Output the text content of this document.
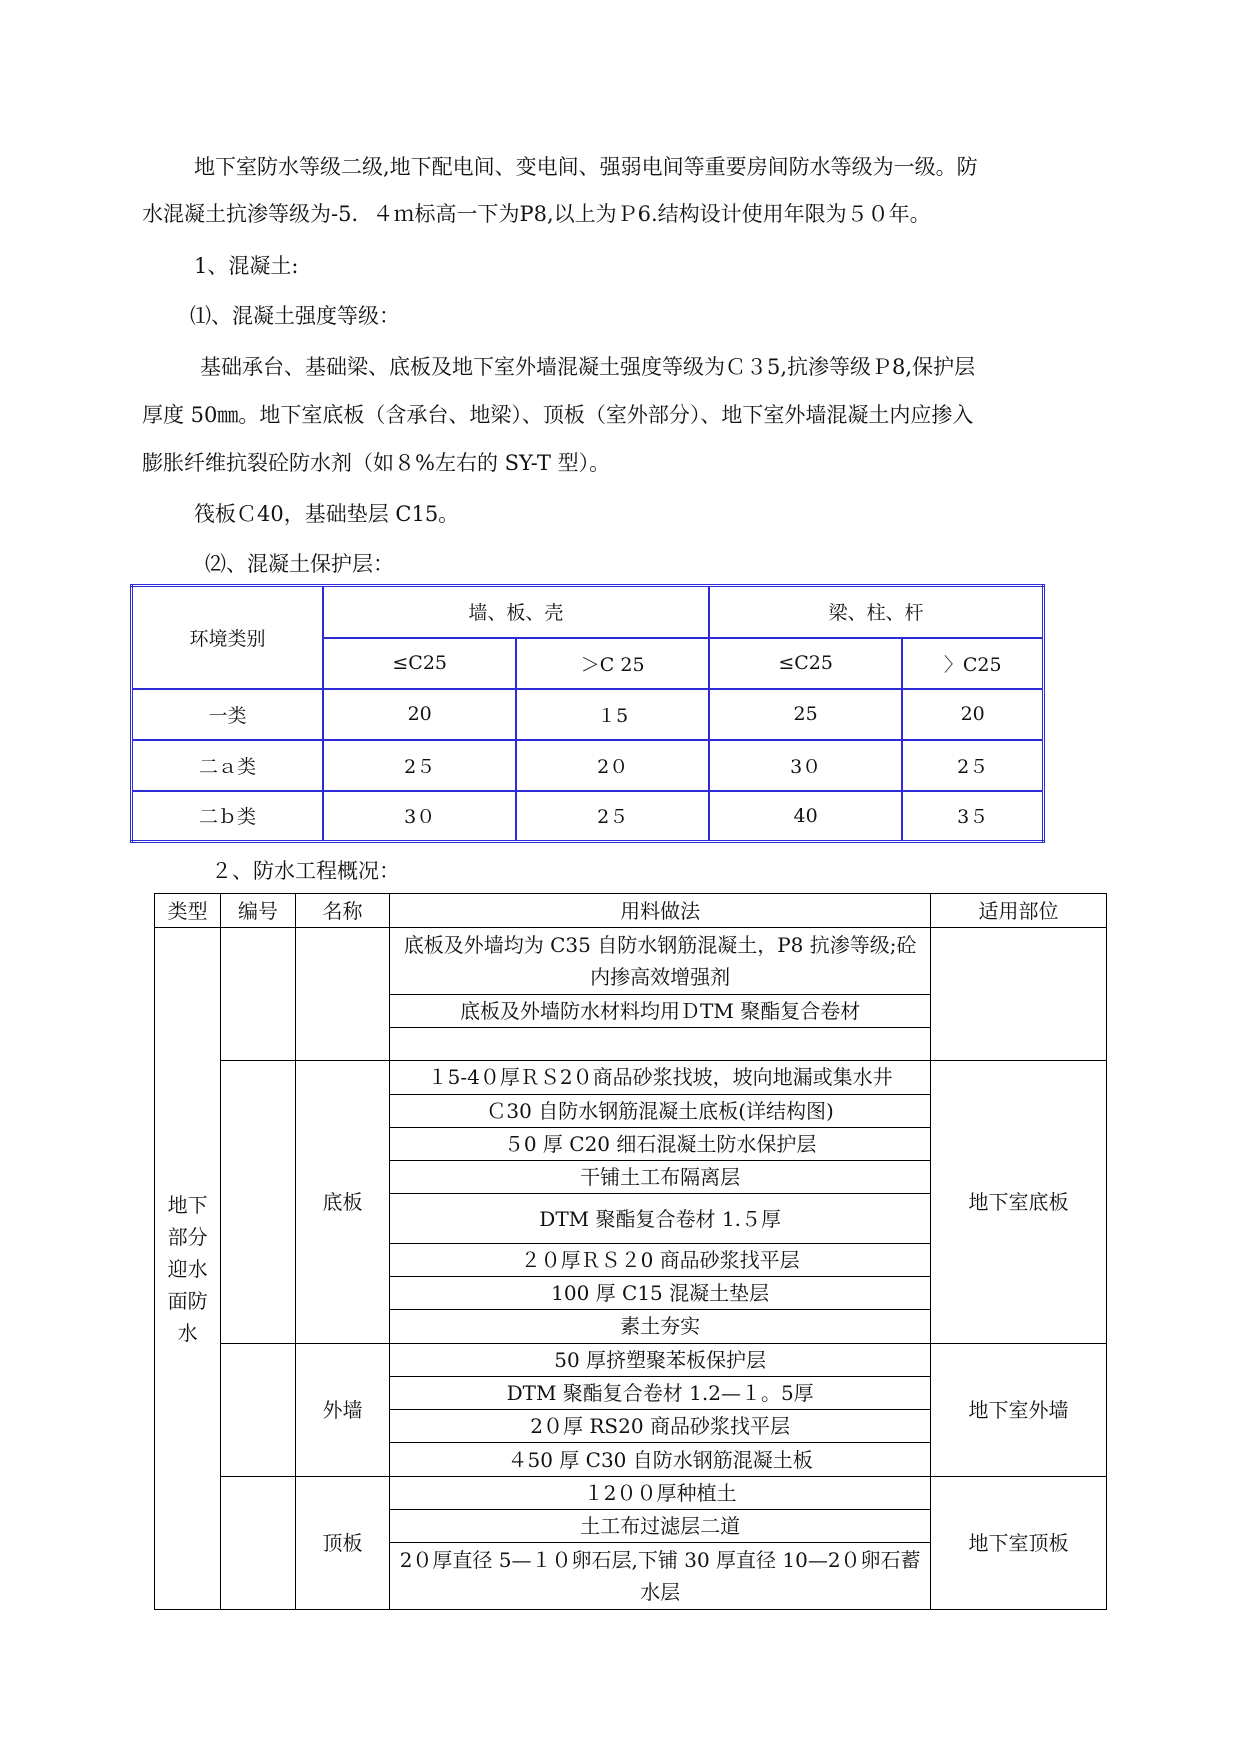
地下室防水等级二级,地下配电间、变电间、强弱电间等重要房间防水等级为一级。防
水混凝土抗渗等级为-5．４ｍ标高一下为P8,以上为Ｐ6.结构设计使用年限为５０年。
1、混凝土:
⑴、混凝土强度等级：
基础承台、基础梁、底板及地下室外墙混凝土强度等级为Ｃ３5,抗渗等级Ｐ8,保护层
厚度 50㎜。地下室底板（含承台、地梁）、顶板（室外部分）、地下室外墙混凝土内应掺入
膨胀纤维抗裂砼防水剂（如８%左右的 SY-T 型）。
筏板Ｃ40，基础垫层 C15。
⑵、混凝土保护层：
环境类别	墙、板、壳		梁、柱、杆	
	≤C25	＞C 25	≤C25	〉C25
一类	20	１5	25	20
二ａ类	2５	2０	3０	2５
二ｂ类	3０	2５	40	3５
２、防水工程概况：
类型	编号	名称	用料做法	适用部位
地下部分迎水面防水			底板及外墙均为 C35 自防水钢筋混凝土，P8 抗渗等级;砼内掺高效增强剂	
			底板及外墙防水材料均用ＤTM 聚酯复合卷材	

		底板	１5-4０厚ＲＳ2０商品砂浆找坡，坡向地漏或集水井	地下室底板
			Ｃ30 自防水钢筋混凝土底板(详结构图)	
			５0 厚 C20 细石混凝土防水保护层	
			干铺土工布隔离层	
			DTM 聚酯复合卷材 1.５厚	
			２０厚ＲＳ２0 商品砂浆找平层	
			100 厚 C15 混凝土垫层	
			素土夯实	
		外墙	50 厚挤塑聚苯板保护层	地下室外墙
			DTM 聚酯复合卷材 1.2—１。5厚	
			2０厚 RS20 商品砂浆找平层	
			４50 厚 C30 自防水钢筋混凝土板	
		顶板	１2００厚种植土	地下室顶板
			土工布过滤层二道	
			2０厚直径 5—１０卵石层,下铺 30 厚直径 10—2０卵石蓄水层	
